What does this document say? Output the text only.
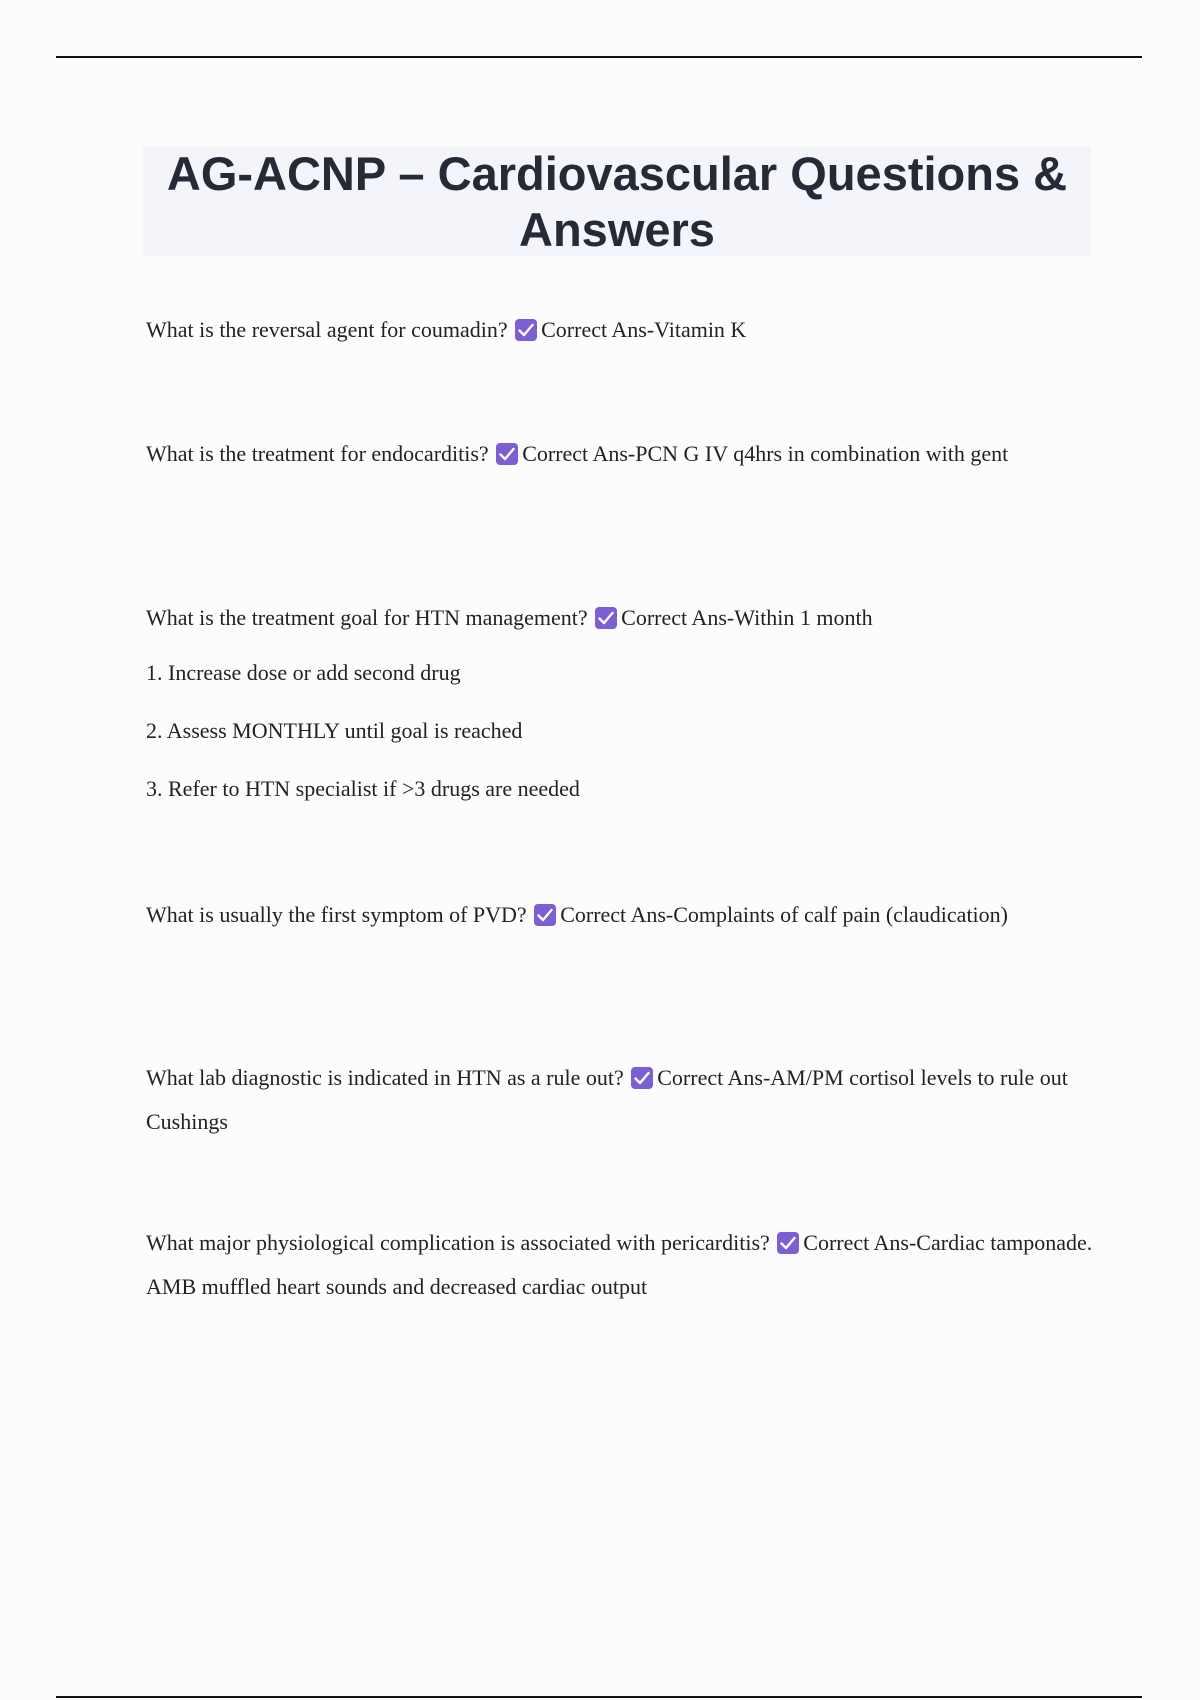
AG-ACNP – Cardiovascular Questions & Answers

What is the reversal agent for coumadin? Correct Ans-Vitamin K

What is the treatment for endocarditis? Correct Ans-PCN G IV q4hrs in combination with gent

What is the treatment goal for HTN management? Correct Ans-Within 1 month

1. Increase dose or add second drug

2. Assess MONTHLY until goal is reached

3. Refer to HTN specialist if >3 drugs are needed

What is usually the first symptom of PVD? Correct Ans-Complaints of calf pain (claudication)

What lab diagnostic is indicated in HTN as a rule out? Correct Ans-AM/PM cortisol levels to rule out Cushings

What major physiological complication is associated with pericarditis? Correct Ans-Cardiac tamponade. AMB muffled heart sounds and decreased cardiac output
